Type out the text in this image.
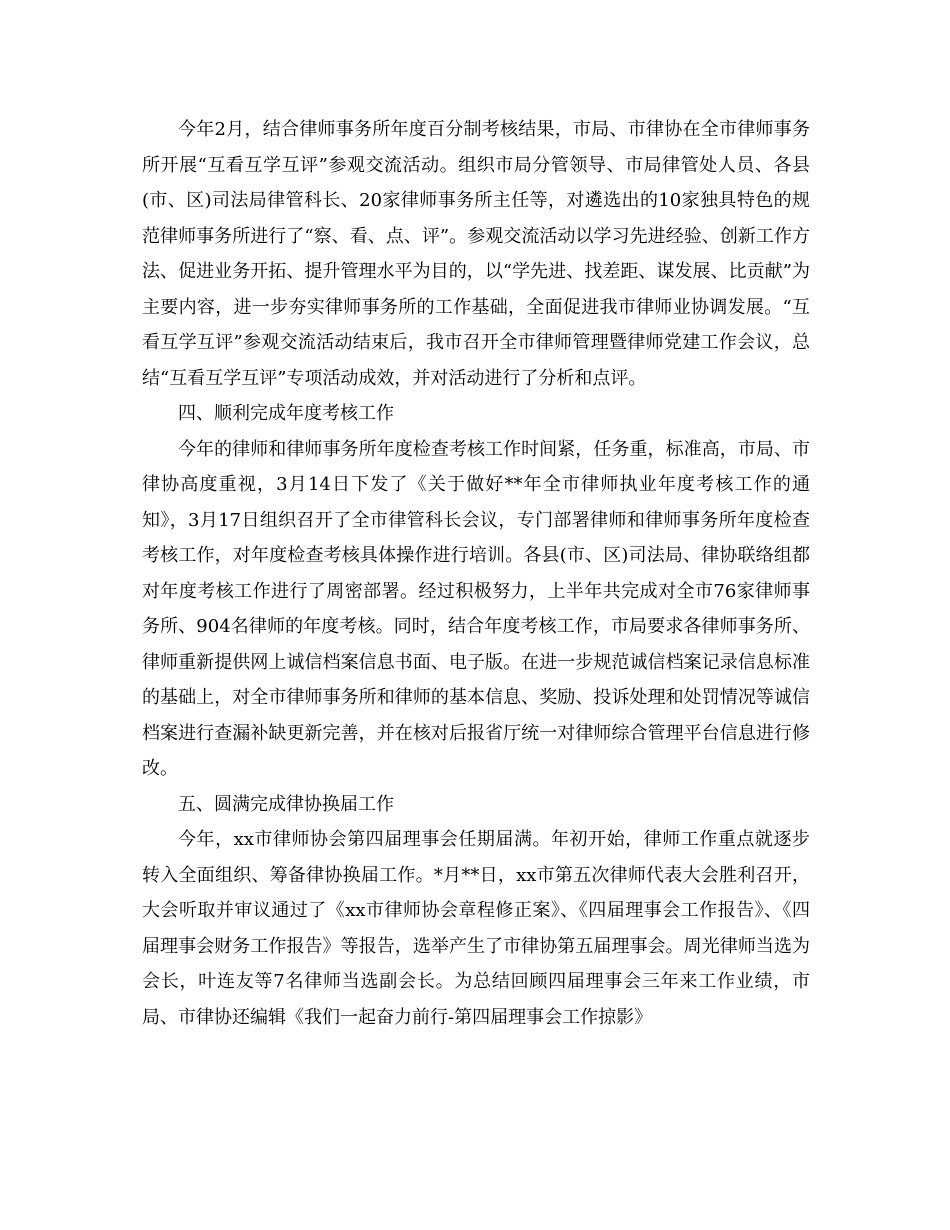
今年2月，结合律师事务所年度百分制考核结果，市局、市律协在全市律师事务所开展“互看互学互评”参观交流活动。组织市局分管领导、市局律管处人员、各县(市、区)司法局律管科长、20家律师事务所主任等，对遴选出的10家独具特色的规范律师事务所进行了“察、看、点、评”。参观交流活动以学习先进经验、创新工作方法、促进业务开拓、提升管理水平为目的，以“学先进、找差距、谋发展、比贡献”为主要内容，进一步夯实律师事务所的工作基础，全面促进我市律师业协调发展。“互看互学互评”参观交流活动结束后，我市召开全市律师管理暨律师党建工作会议，总结“互看互学互评”专项活动成效，并对活动进行了分析和点评。

四、顺利完成年度考核工作

今年的律师和律师事务所年度检查考核工作时间紧，任务重，标准高，市局、市律协高度重视，3月14日下发了《关于做好**年全市律师执业年度考核工作的通知》，3月17日组织召开了全市律管科长会议，专门部署律师和律师事务所年度检查考核工作，对年度检查考核具体操作进行培训。各县(市、区)司法局、律协联络组都对年度考核工作进行了周密部署。经过积极努力，上半年共完成对全市76家律师事务所、904名律师的年度考核。同时，结合年度考核工作，市局要求各律师事务所、律师重新提供网上诚信档案信息书面、电子版。在进一步规范诚信档案记录信息标准的基础上，对全市律师事务所和律师的基本信息、奖励、投诉处理和处罚情况等诚信档案进行查漏补缺更新完善，并在核对后报省厅统一对律师综合管理平台信息进行修改。

五、圆满完成律协换届工作

今年，xx市律师协会第四届理事会任期届满。年初开始，律师工作重点就逐步转入全面组织、筹备律协换届工作。*月**日，xx市第五次律师代表大会胜利召开，大会听取并审议通过了《xx市律师协会章程修正案》、《四届理事会工作报告》、《四届理事会财务工作报告》等报告，选举产生了市律协第五届理事会。周光律师当选为会长，叶连友等7名律师当选副会长。为总结回顾四届理事会三年来工作业绩，市局、市律协还编辑《我们一起奋力前行-第四届理事会工作掠影》
